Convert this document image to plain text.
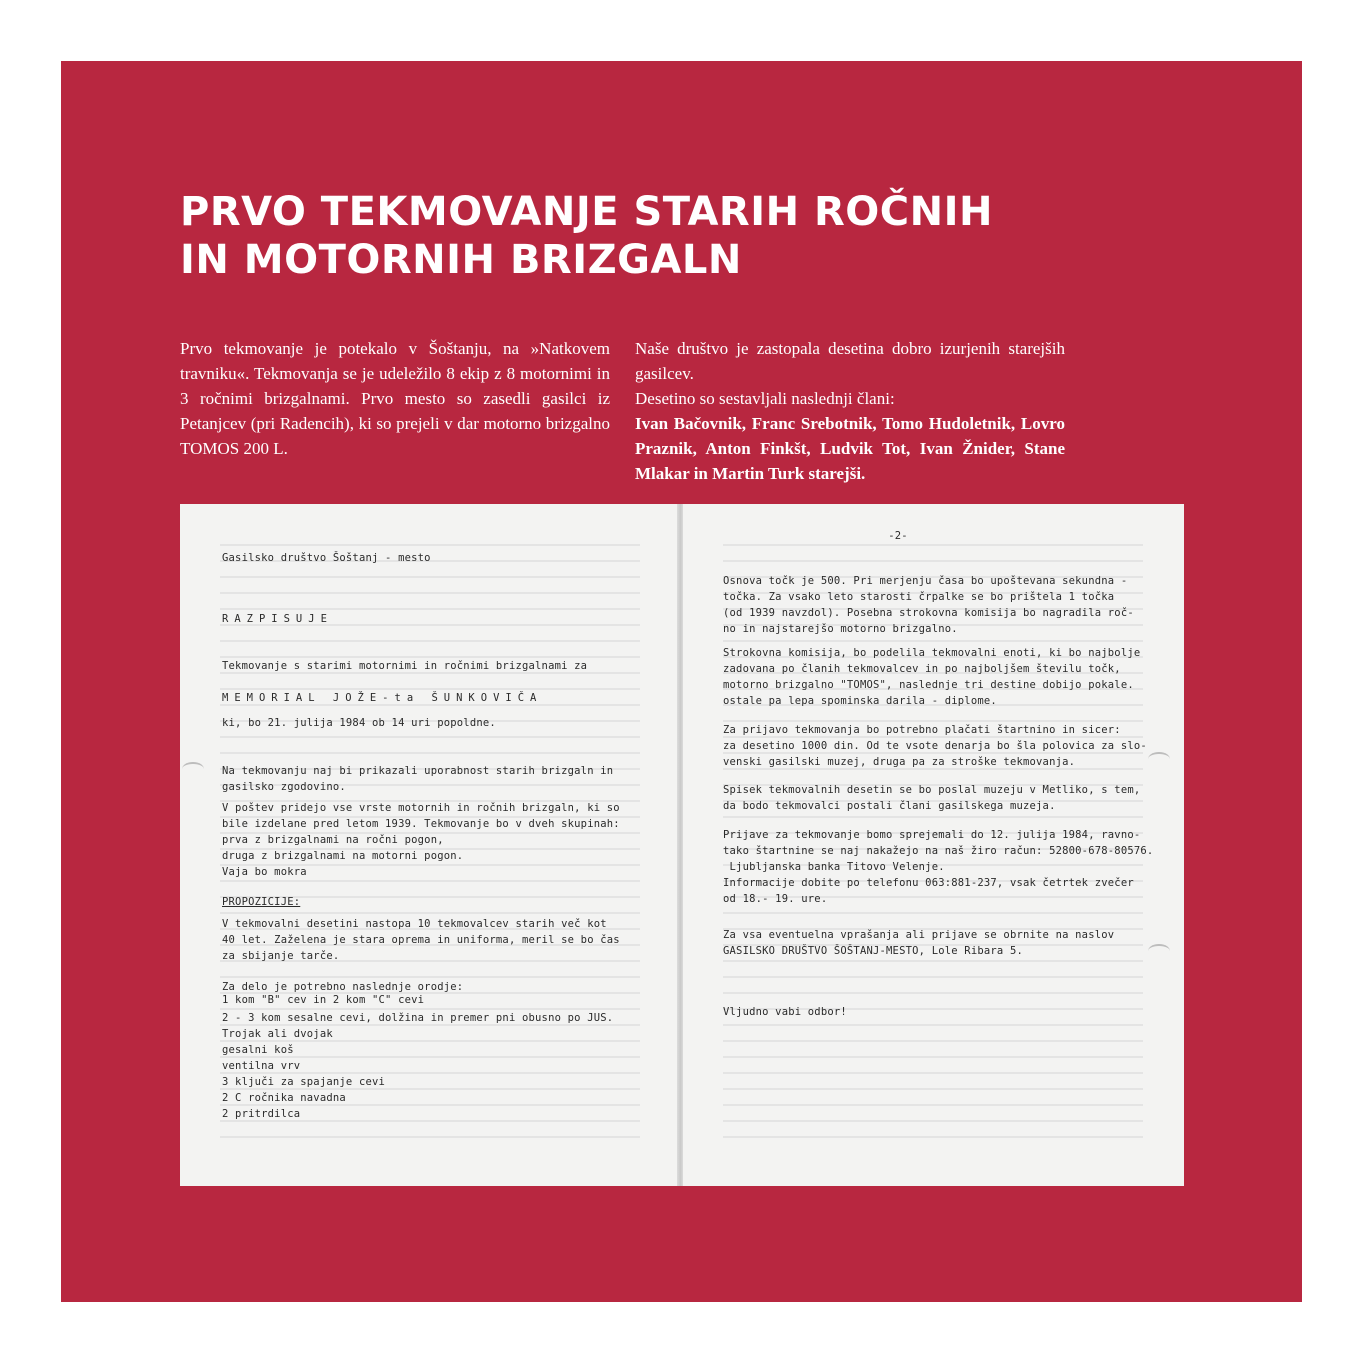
PRVO TEKMOVANJE STARIH ROČNIH
IN MOTORNIH BRIZGALN

Prvo tekmovanje je potekalo v Šoštanju, na »Natkovem travniku«. Tekmovanja se je udeležilo 8 ekip z 8 motornimi in 3 ročnimi brizgalnami. Prvo mesto so zasedli gasilci iz Petanjcev (pri Radencih), ki so prejeli v dar motorno brizgalno TOMOS 200 L.

Naše društvo je zastopala desetina dobro izurjenih starejših gasilcev.

Desetino so sestavljali naslednji člani:

Ivan Bačovnik, Franc Srebotnik, Tomo Hudoletnik, Lovro Praznik, Anton Finkšt, Ludvik Tot, Ivan Žnider, Stane Mlakar in Martin Turk starejši.

Gasilsko društvo Šoštanj - mesto
RAZPISUJE
Tekmovanje s starimi motornimi in ročnimi brizgalnami za
MEMORIAL JOŽE-ta ŠUNKOVIČA
ki, bo 21. julija 1984 ob 14 uri popoldne.
Na tekmovanju naj bi prikazali uporabnost starih brizgaln in
gasilsko zgodovino.
V poštev pridejo vse vrste motornih in ročnih brizgaln, ki so
bile izdelane pred letom 1939. Tekmovanje bo v dveh skupinah:
prva z brizgalnami na ročni pogon,
druga z brizgalnami na motorni pogon.
Vaja bo mokra
PROPOZICIJE:
V tekmovalni desetini nastopa 10 tekmovalcev starih več kot
40 let. Zaželena je stara oprema in uniforma, meril se bo čas
za sbijanje tarče.
Za delo je potrebno naslednje orodje:
1 kom "B" cev in 2 kom "C" cevi
2 - 3 kom sesalne cevi, dolžina in premer pni obusno po JUS.
Trojak ali dvojak
gesalni koš
ventilna vrv
3 ključi za spajanje cevi
2 C ročnika navadna
2 pritrdilca
-2-
Osnova točk je 500. Pri merjenju časa bo upoštevana sekundna -
točka. Za vsako leto starosti črpalke se bo prištela 1 točka
(od 1939 navzdol). Posebna strokovna komisija bo nagradila roč-
no in najstarejšo motorno brizgalno.
Strokovna komisija, bo podelila tekmovalni enoti, ki bo najbolje
zadovana po članih tekmovalcev in po najboljšem številu točk,
motorno brizgalno "TOMOS", naslednje tri destine dobijo pokale.
ostale pa lepa spominska darila - diplome.
Za prijavo tekmovanja bo potrebno plačati štartnino in sicer:
za desetino 1000 din. Od te vsote denarja bo šla polovica za slo-
venski gasilski muzej, druga pa za stroške tekmovanja.
Spisek tekmovalnih desetin se bo poslal muzeju v Metliko, s tem,
da bodo tekmovalci postali člani gasilskega muzeja.
Prijave za tekmovanje bomo sprejemali do 12. julija 1984, ravno-
tako štartnine se naj nakažejo na naš žiro račun: 52800-678-80576.
Ljubljanska banka Titovo Velenje.
Informacije dobite po telefonu 063:881-237, vsak četrtek zvečer
od 18.- 19. ure.
Za vsa eventuelna vprašanja ali prijave se obrnite na naslov
GASILSKO DRUŠTVO ŠOŠTANJ-MESTO, Lole Ribara 5.
Vljudno vabi odbor!
